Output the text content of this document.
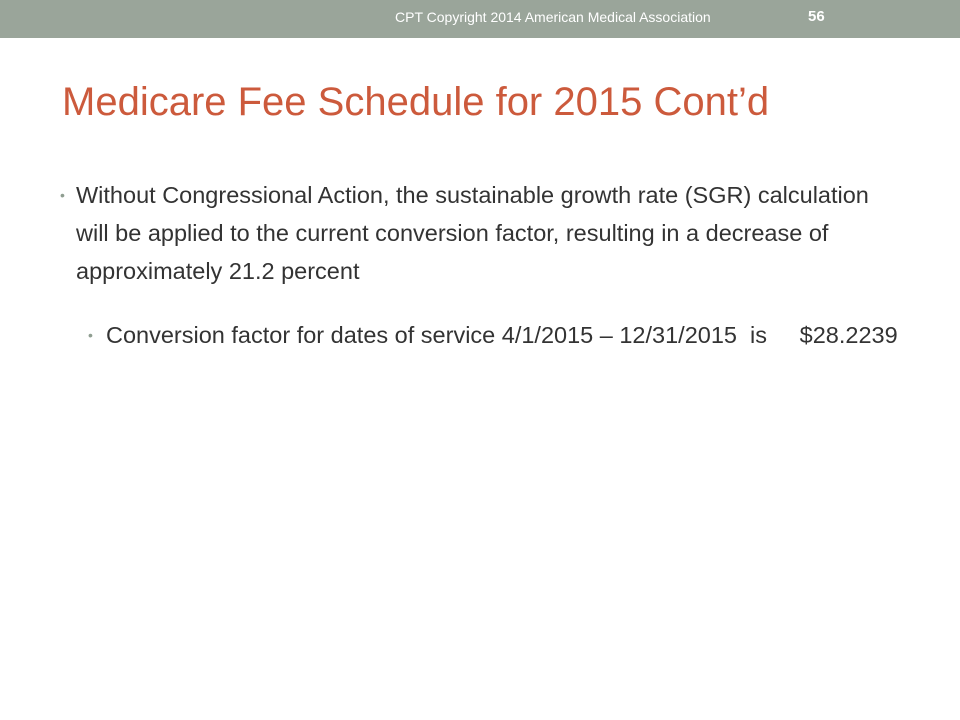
CPT Copyright 2014 American Medical Association	56
Medicare Fee Schedule for 2015 Cont’d
• Without Congressional Action, the sustainable growth rate (SGR) calculation will be applied to the current conversion factor, resulting in a decrease of approximately 21.2 percent
• Conversion factor for dates of service 4/1/2015 – 12/31/2015  is     $28.2239
